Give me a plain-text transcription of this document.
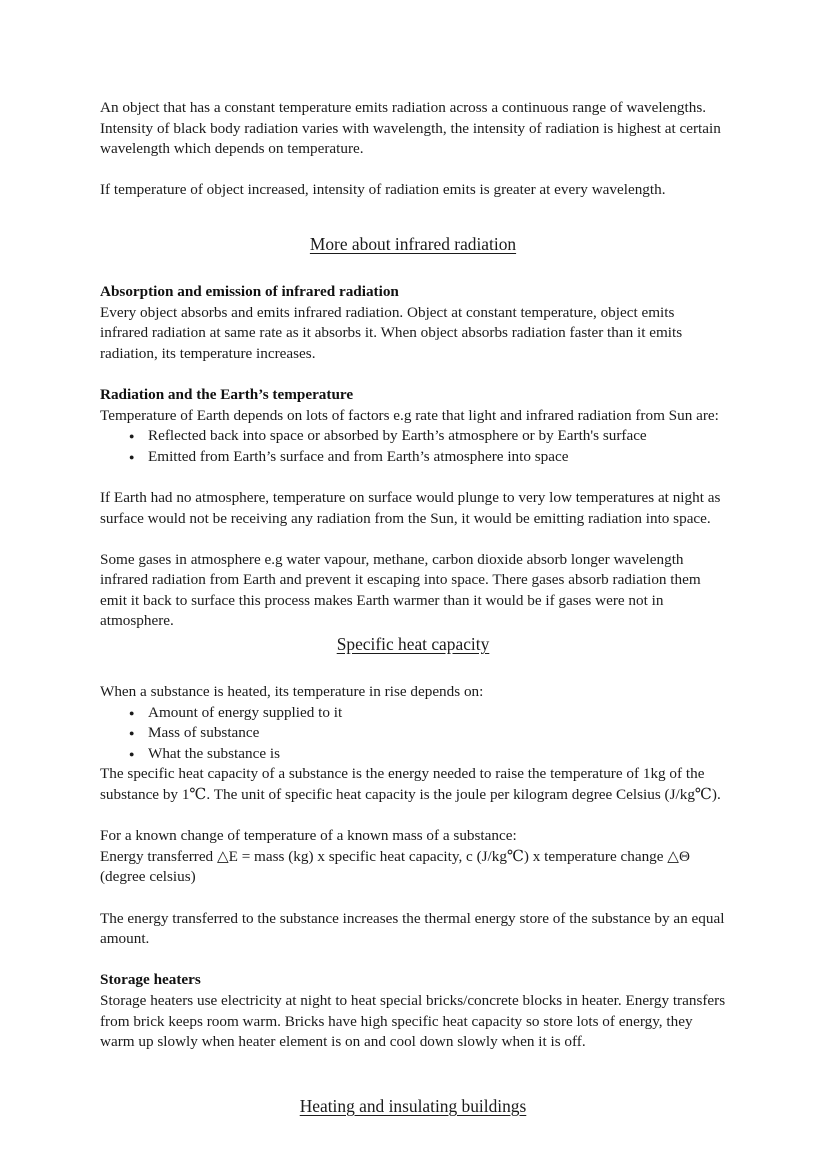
An object that has a constant temperature emits radiation across a continuous range of wavelengths. Intensity of black body radiation varies with wavelength, the intensity of radiation is highest at certain wavelength which depends on temperature.

If temperature of object increased, intensity of radiation emits is greater at every wavelength.

More about infrared radiation
Absorption and emission of infrared radiation

Every object absorbs and emits infrared radiation. Object at constant temperature, object emits infrared radiation at same rate as it absorbs it. When object absorbs radiation faster than it emits radiation, its temperature increases.

Radiation and the Earth’s temperature

Temperature of Earth depends on lots of factors e.g rate that light and infrared radiation from Sun are:

● Reflected back into space or absorbed by Earth’s atmosphere or by Earth's surface
● Emitted from Earth’s surface and from Earth’s atmosphere into space

If Earth had no atmosphere, temperature on surface would plunge to very low temperatures at night as surface would not be receiving any radiation from the Sun, it would be emitting radiation into space.

Some gases in atmosphere e.g water vapour, methane, carbon dioxide absorb longer wavelength infrared radiation from Earth and prevent it escaping into space. There gases absorb radiation them emit it back to surface this process makes Earth warmer than it would be if gases were not in atmosphere.

Specific heat capacity

When a substance is heated, its temperature in rise depends on:

● Amount of energy supplied to it
● Mass of substance
● What the substance is

The specific heat capacity of a substance is the energy needed to raise the temperature of 1kg of the substance by 1℃. The unit of specific heat capacity is the joule per kilogram degree Celsius (J/kg℃).

For a known change of temperature of a known mass of a substance:

Energy transferred △E = mass (kg) x specific heat capacity, c (J/kg℃) x temperature change △Θ (degree celsius)

The energy transferred to the substance increases the thermal energy store of the substance by an equal amount.

Storage heaters

Storage heaters use electricity at night to heat special bricks/concrete blocks in heater. Energy transfers from brick keeps room warm. Bricks have high specific heat capacity so store lots of energy, they warm up slowly when heater element is on and cool down slowly when it is off.

Heating and insulating buildings
